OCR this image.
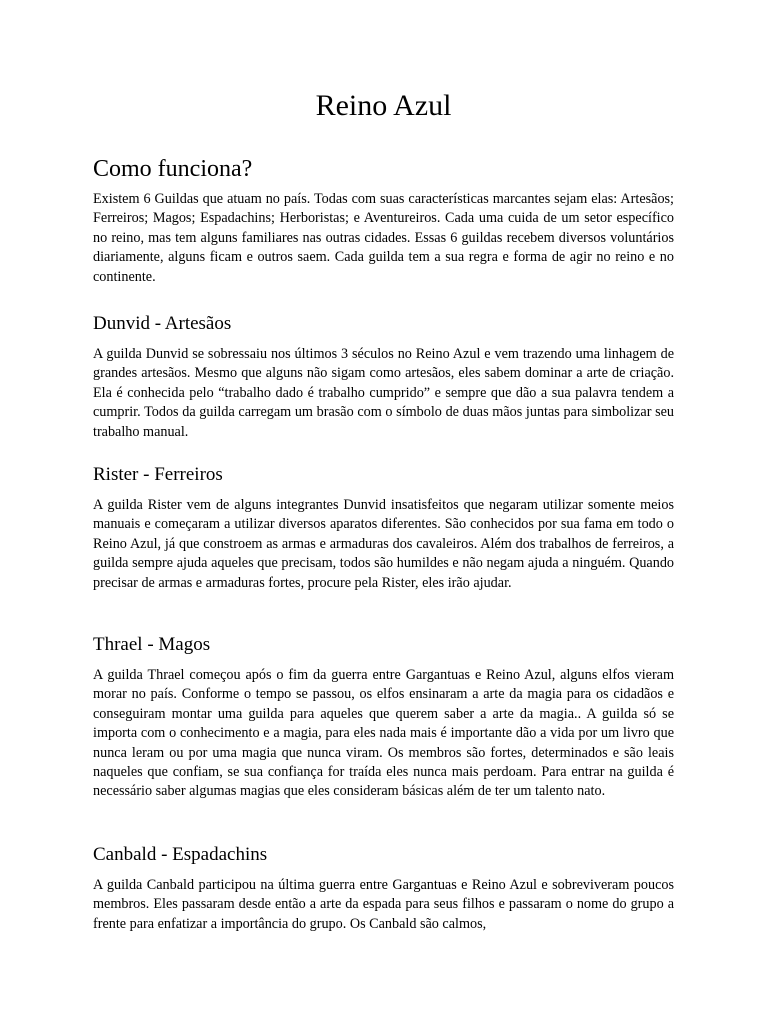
Reino Azul
Como funciona?

Existem 6 Guildas que atuam no país. Todas com suas características marcantes sejam elas: Artesãos; Ferreiros; Magos; Espadachins; Herboristas; e Aventureiros. Cada uma cuida de um setor específico no reino, mas tem alguns familiares nas outras cidades. Essas 6 guildas recebem diversos voluntários diariamente, alguns ficam e outros saem. Cada guilda tem a sua regra e forma de agir no reino e no continente.

Dunvid - Artesãos

A guilda Dunvid se sobressaiu nos últimos 3 séculos no Reino Azul e vem trazendo uma linhagem de grandes artesãos. Mesmo que alguns não sigam como artesãos, eles sabem dominar a arte de criação. Ela é conhecida pelo “trabalho dado é trabalho cumprido” e sempre que dão a sua palavra tendem a cumprir. Todos da guilda carregam um brasão com o símbolo de duas mãos juntas para simbolizar seu trabalho manual.

Rister - Ferreiros

A guilda Rister vem de alguns integrantes Dunvid insatisfeitos que negaram utilizar somente meios manuais e começaram a utilizar diversos aparatos diferentes. São conhecidos por sua fama em todo o Reino Azul, já que constroem as armas e armaduras dos cavaleiros. Além dos trabalhos de ferreiros, a guilda sempre ajuda aqueles que precisam, todos são humildes e não negam ajuda a ninguém. Quando precisar de armas e armaduras fortes, procure pela Rister, eles irão ajudar.

Thrael - Magos

A guilda Thrael começou após o fim da guerra entre Gargantuas e Reino Azul, alguns elfos vieram morar no país. Conforme o tempo se passou, os elfos ensinaram a arte da magia para os cidadãos e conseguiram montar uma guilda para aqueles que querem saber a arte da magia.. A guilda só se importa com o conhecimento e a magia, para eles nada mais é importante dão a vida por um livro que nunca leram ou por uma magia que nunca viram. Os membros são fortes, determinados e são leais naqueles que confiam, se sua confiança for traída eles nunca mais perdoam. Para entrar na guilda é necessário saber algumas magias que eles consideram básicas além de ter um talento nato.

Canbald - Espadachins

A guilda Canbald participou na última guerra entre Gargantuas e Reino Azul e sobreviveram poucos membros. Eles passaram desde então a arte da espada para seus filhos e passaram o nome do grupo a frente para enfatizar a importância do grupo. Os Canbald são calmos,
